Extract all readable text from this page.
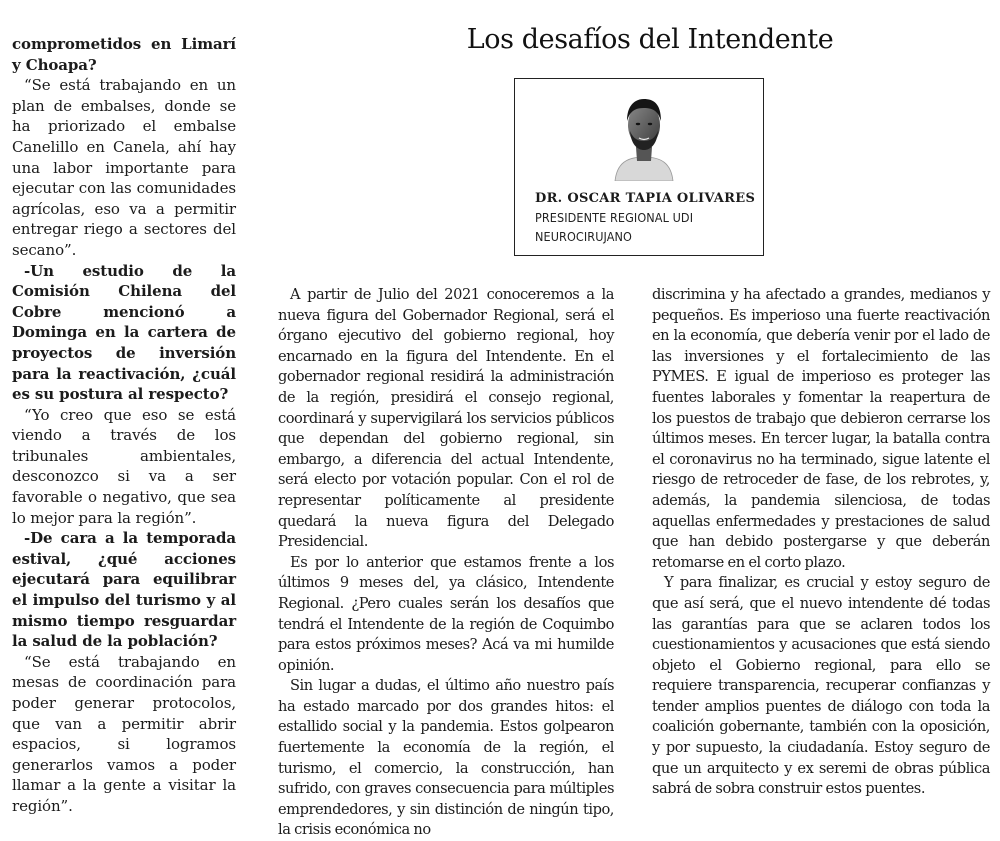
comprometidos en Limarí y Choapa?

“Se está trabajando en un plan de embalses, donde se ha priorizado el embalse Canelillo en Canela, ahí hay una labor importante para ejecutar con las comunidades agrícolas, eso va a permitir entregar riego a sectores del secano”.

-Un estudio de la Comisión Chilena del Cobre mencionó a Dominga en la cartera de proyectos de inversión para la reactivación, ¿cuál es su postura al respecto?

“Yo creo que eso se está viendo a través de los tribunales ambientales, desconozco si va a ser favorable o negativo, que sea lo mejor para la región”.

-De cara a la temporada estival, ¿qué acciones ejecutará para equilibrar el impulso del turismo y al mismo tiempo resguardar la salud de la población?

“Se está trabajando en mesas de coordinación para poder generar protocolos, que van a permitir abrir espacios, si logramos generarlos vamos a poder llamar a la gente a visitar la región”.

Los desafíos del Intendente
DR. OSCAR TAPIA OLIVARES
PRESIDENTE REGIONAL UDI
NEUROCIRUJANO

A partir de Julio del 2021 conoceremos a la nueva figura del Gobernador Regional, será el órgano ejecutivo del gobierno regional, hoy encarnado en la figura del Intendente. En el gobernador regional residirá la administración de la región, presidirá el consejo regional, coordinará y supervigilará los servicios públicos que dependan del gobierno regional, sin embargo, a diferencia del actual Intendente, será electo por votación popular. Con el rol de representar políticamente al presidente quedará la nueva figura del Delegado Presidencial.

Es por lo anterior que estamos frente a los últimos 9 meses del, ya clásico, Intendente Regional. ¿Pero cuales serán los desafíos que tendrá el Intendente de la región de Coquimbo para estos próximos meses? Acá va mi humilde opinión.

Sin lugar a dudas, el último año nuestro país ha estado marcado por dos grandes hitos: el estallido social y la pandemia. Estos golpearon fuertemente la economía de la región, el turismo, el comercio, la construcción, han sufrido, con graves consecuencia para múltiples emprendedores, y sin distinción de ningún tipo, la crisis económica no

discrimina y ha afectado a grandes, medianos y pequeños. Es imperioso una fuerte reactivación en la economía, que debería venir por el lado de las inversiones y el fortalecimiento de las PYMES. E igual de imperioso es proteger las fuentes laborales y fomentar la reapertura de los puestos de trabajo que debieron cerrarse los últimos meses. En tercer lugar, la batalla contra el coronavirus no ha terminado, sigue latente el riesgo de retroceder de fase, de los rebrotes, y, además, la pandemia silenciosa, de todas aquellas enfermedades y prestaciones de salud que han debido postergarse y que deberán retomarse en el corto plazo.

Y para finalizar, es crucial y estoy seguro de que así será, que el nuevo intendente dé todas las garantías para que se aclaren todos los cuestionamientos y acusaciones que está siendo objeto el Gobierno regional, para ello se requiere transparencia, recuperar confianzas y tender amplios puentes de diálogo con toda la coalición gobernante, también con la oposición, y por supuesto, la ciudadanía. Estoy seguro de que un arquitecto y ex seremi de obras pública sabrá de sobra construir estos puentes.
